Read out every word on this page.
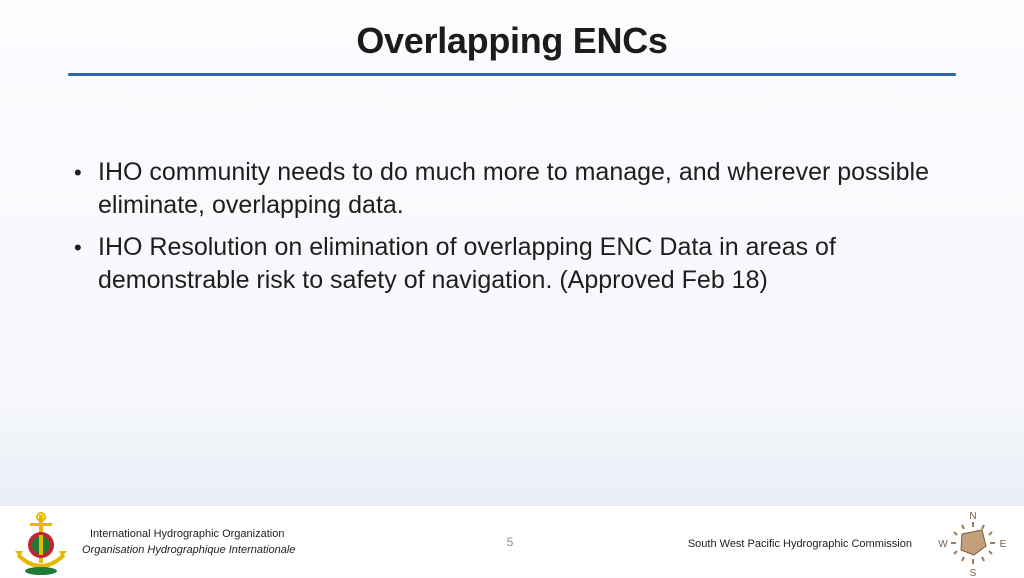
Overlapping ENCs
• IHO community needs to do much more to manage, and wherever possible eliminate, overlapping data.
• IHO Resolution on elimination of overlapping ENC Data in areas of demonstrable risk to safety of navigation. (Approved Feb 18)
International Hydrographic Organization
Organisation Hydrographique Internationale
5	South West Pacific Hydrographic Commission
N
E
S
W
